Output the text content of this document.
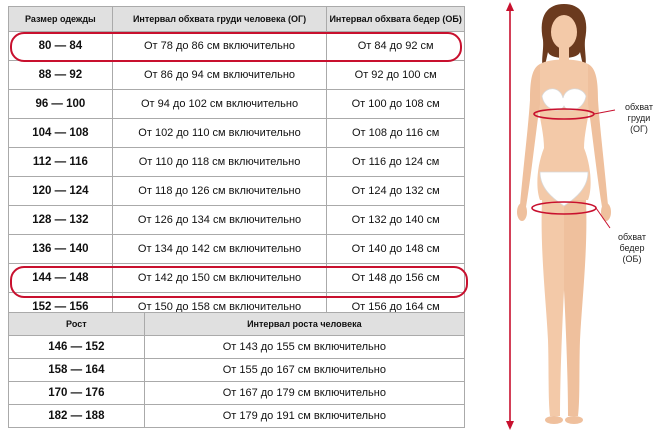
Размер одежды	Интервал обхвата груди человека (ОГ)	Интервал обхвата бедер (ОБ)
80 — 84	От 78 до 86 см включительно	От 84 до 92 см
88 — 92	От 86 до 94 см включительно	От 92 до 100 см
96 — 100	От 94 до 102 см включительно	От 100 до 108 см
104 — 108	От 102 до 110 см включительно	От 108 до 116 см
112 — 116	От 110 до 118 см включительно	От 116 до 124 см
120 — 124	От 118 до 126 см включительно	От 124 до 132 см
128 — 132	От 126 до 134 см включительно	От 132 до 140 см
136 — 140	От 134 до 142 см включительно	От 140 до 148 см
144 — 148	От 142 до 150 см включительно	От 148 до 156 см
152 — 156	От 150 до 158 см включительно	От 156 до 164 см
Рост	Интервал роста человека
146 — 152	От 143 до 155 см включительно
158 — 164	От 155 до 167 см включительно
170 — 176	От 167 до 179 см включительно
182 — 188	От 179 до 191 см включительно
обхват
груди
(ОГ)
обхват
бедер
(ОБ)
